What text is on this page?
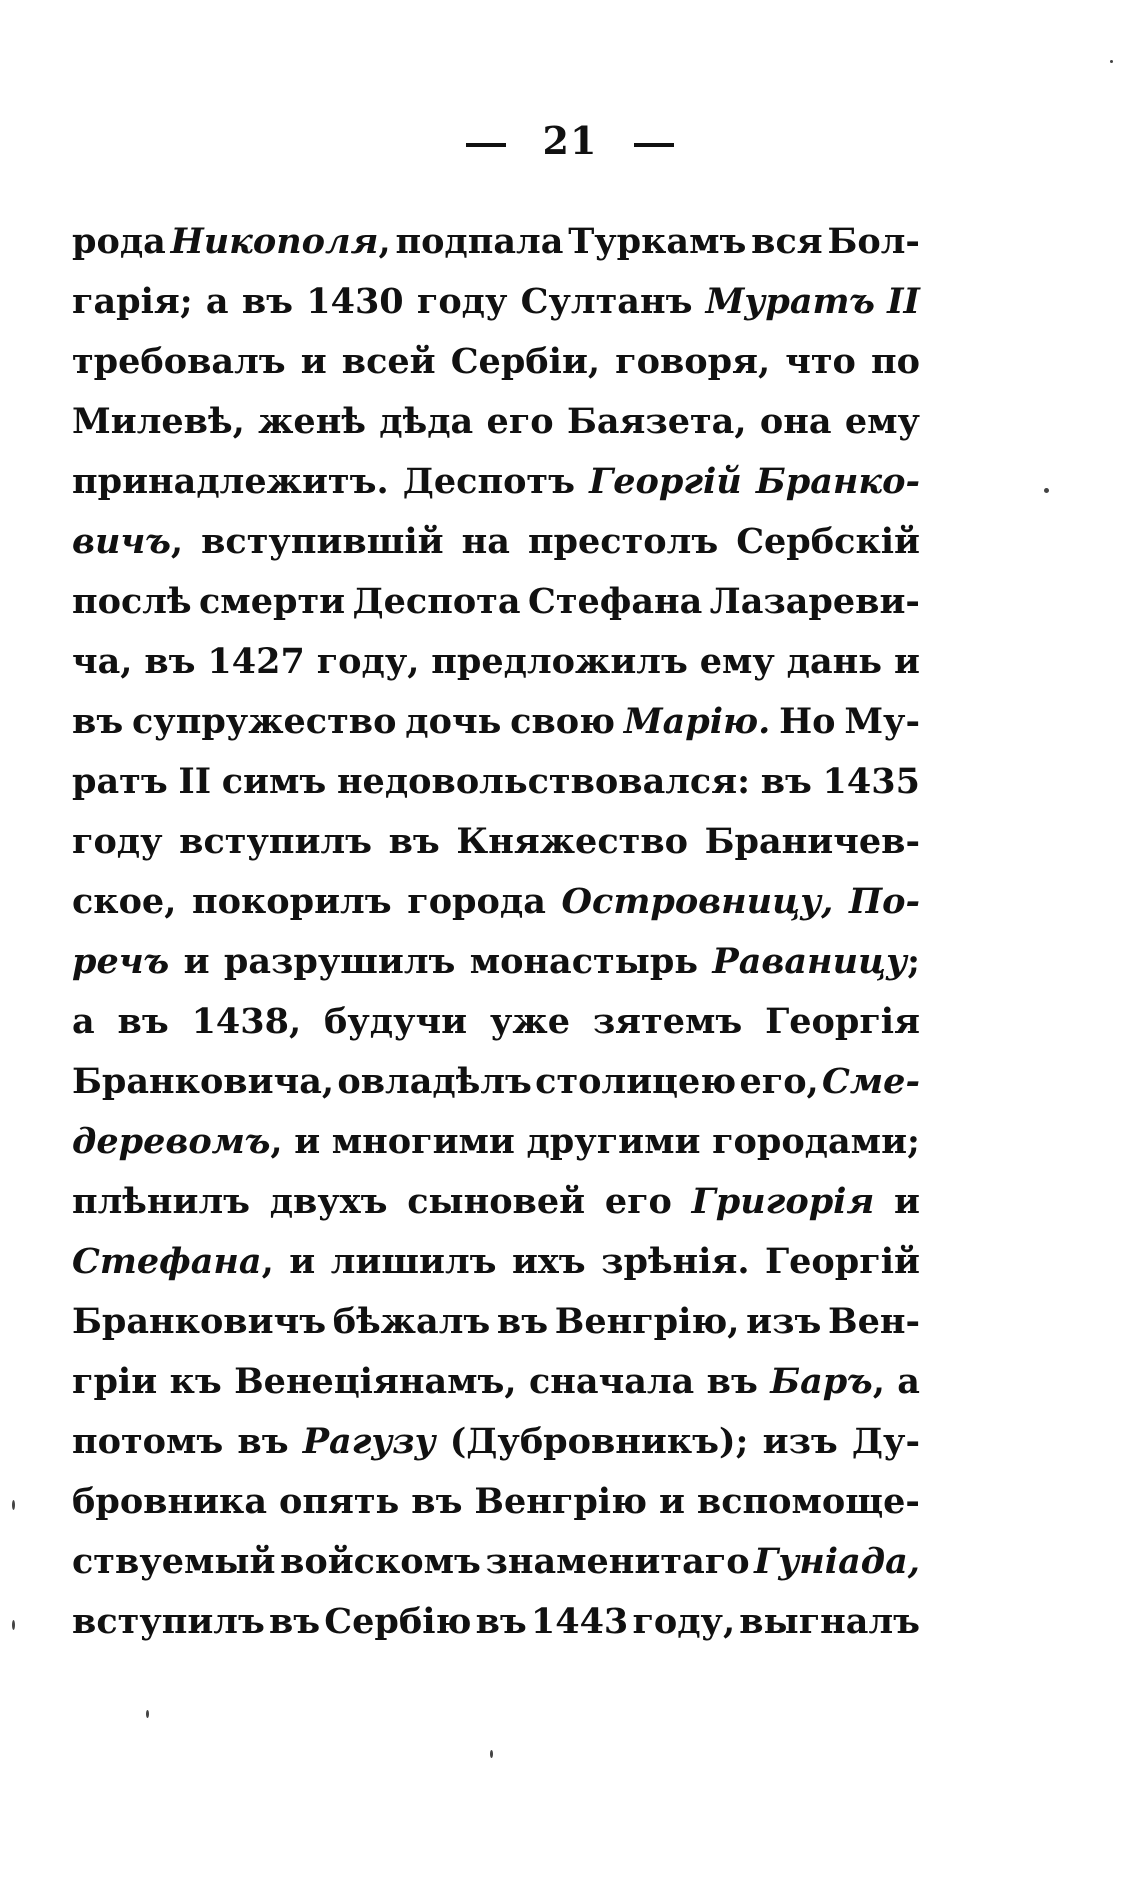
21
рода Никополя, подпала Туркамъ вся Бол-
гарія; а въ 1430 году Султанъ Муратъ II
требовалъ и всей Сербіи, говоря, что по
Милевѣ, женѣ дѣда его Баязета, она ему
принадлежитъ. Деспотъ Георгій Бранко-
вичъ, вступившій на престолъ Сербскій
послѣ смерти Деспота Стефана Лазареви-
ча, въ 1427 году, предложилъ ему дань и
въ супружество дочь свою Марію. Но Му-
ратъ II симъ недовольствовался: въ 1435
году вступилъ въ Княжество Браничев-
ское, покорилъ города Островницу, По-
речъ и разрушилъ монастырь Раваницу;
а въ 1438, будучи уже зятемъ Георгія
Бранковича, овладѣлъ столицею его, Сме-
деревомъ, и многими другими городами;
плѣнилъ двухъ сыновей его Григорія и
Стефана, и лишилъ ихъ зрѣнія. Георгій
Бранковичъ бѣжалъ въ Венгрію, изъ Вен-
гріи къ Венеціянамъ, сначала въ Баръ, а
потомъ въ Рагузу (Дубровникъ); изъ Ду-
бровника опять въ Венгрію и вспомоще-
ствуемый войскомъ знаменитаго Гуніада,
вступилъ въ Сербію въ 1443 году, выгналъ
